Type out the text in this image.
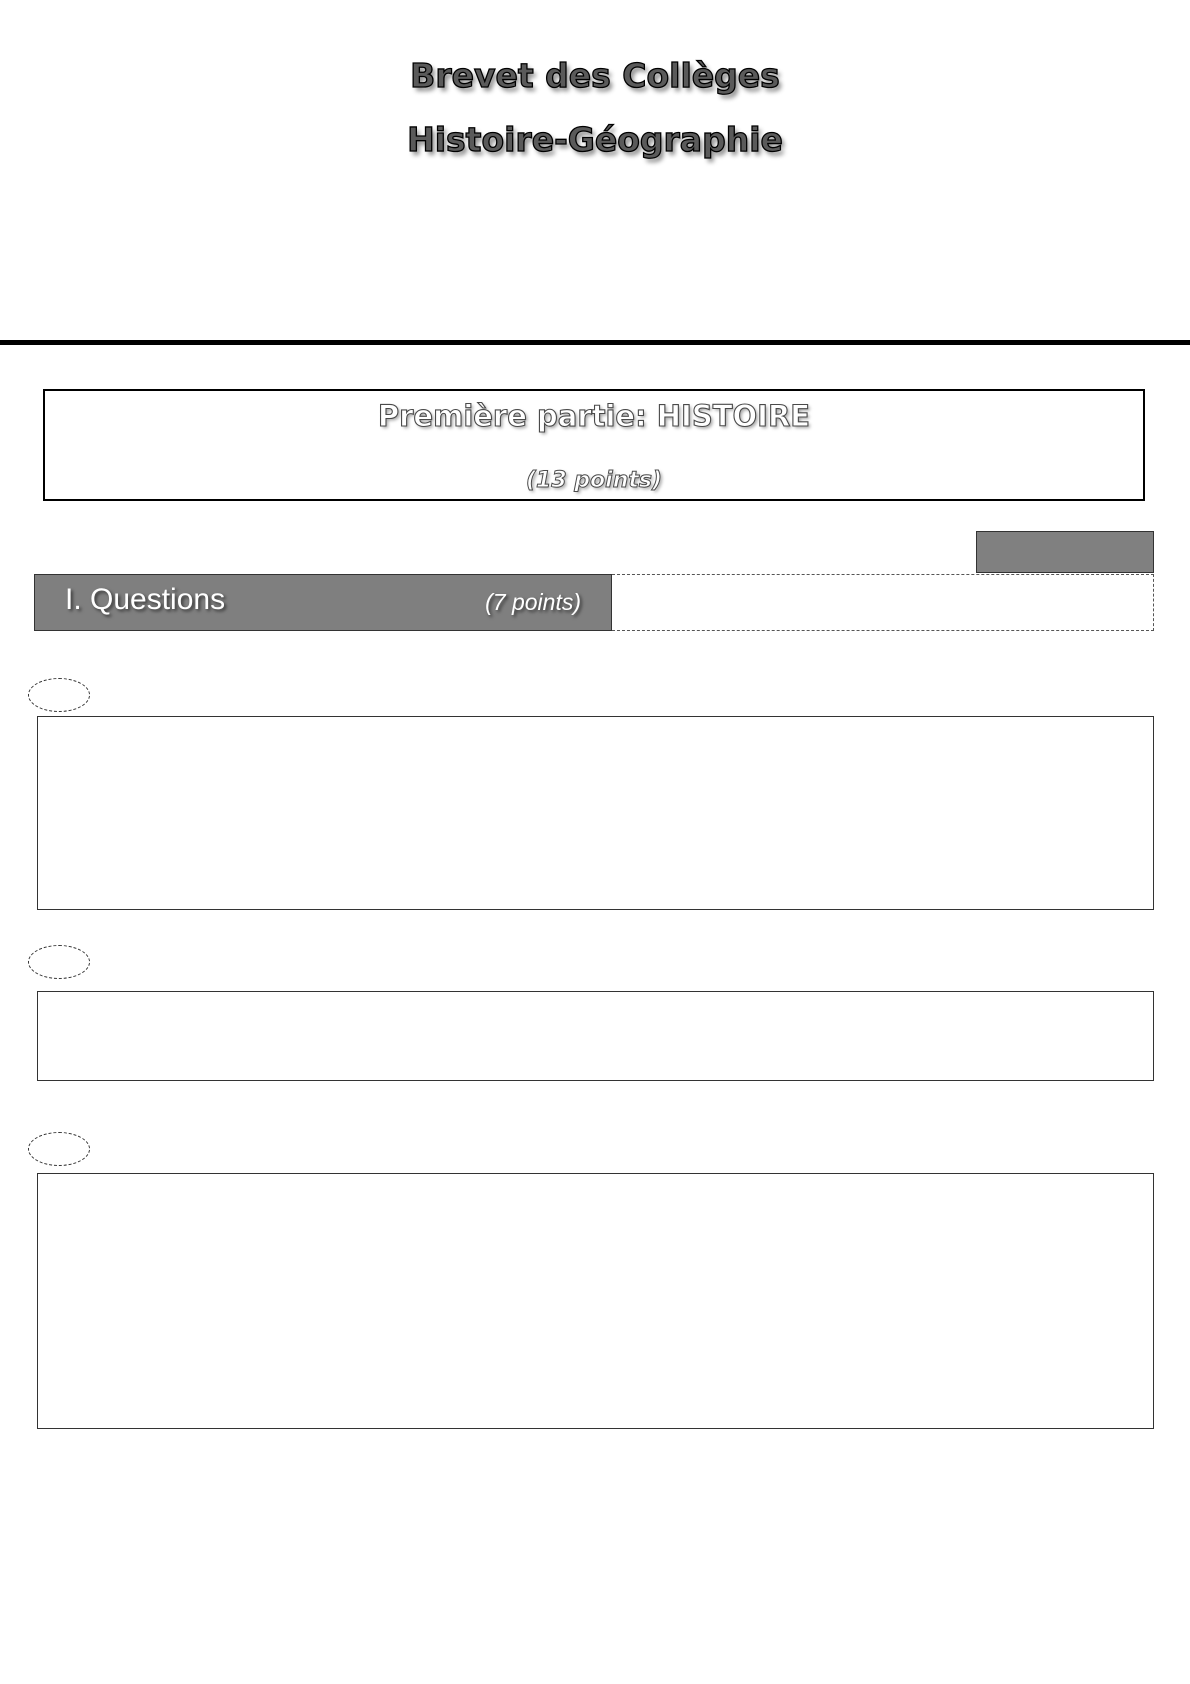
Brevet des Collèges
Histoire-Géographie
Première partie: HISTOIRE
(13 points)
I. Questions	(7 points)
